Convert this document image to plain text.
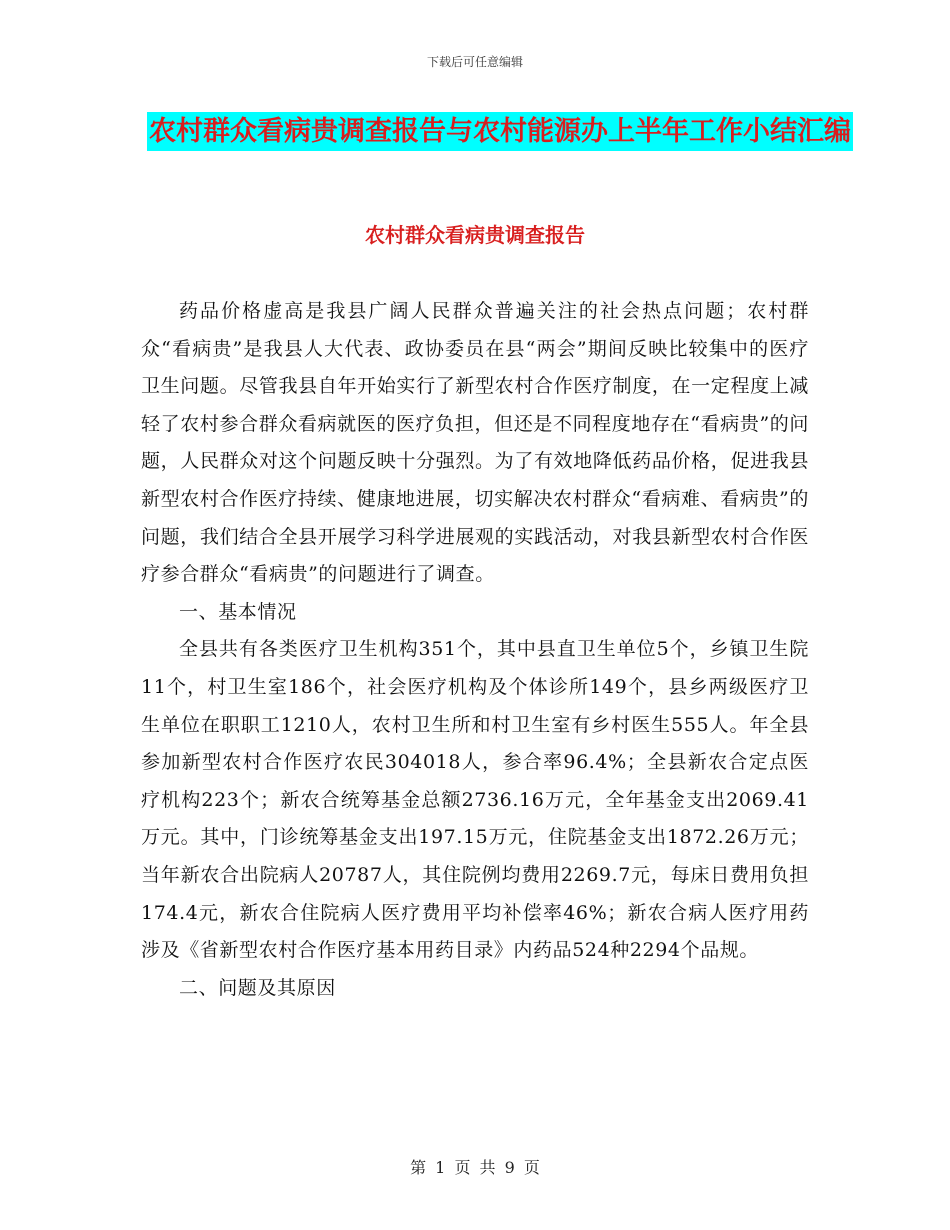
下载后可任意编辑
农村群众看病贵调查报告与农村能源办上半年工作小结汇编
农村群众看病贵调查报告

药品价格虚高是我县广阔人民群众普遍关注的社会热点问题；农村群众“看病贵”是我县人大代表、政协委员在县“两会”期间反映比较集中的医疗卫生问题。尽管我县自年开始实行了新型农村合作医疗制度，在一定程度上减轻了农村参合群众看病就医的医疗负担，但还是不同程度地存在“看病贵”的问题，人民群众对这个问题反映十分强烈。为了有效地降低药品价格，促进我县新型农村合作医疗持续、健康地进展，切实解决农村群众“看病难、看病贵”的问题，我们结合全县开展学习科学进展观的实践活动，对我县新型农村合作医疗参合群众“看病贵”的问题进行了调查。

一、基本情况

全县共有各类医疗卫生机构351个，其中县直卫生单位5个，乡镇卫生院11个，村卫生室186个，社会医疗机构及个体诊所149个，县乡两级医疗卫生单位在职职工1210人，农村卫生所和村卫生室有乡村医生555人。年全县参加新型农村合作医疗农民304018人，参合率96.4%；全县新农合定点医疗机构223个；新农合统筹基金总额2736.16万元，全年基金支出2069.41万元。其中，门诊统筹基金支出197.15万元，住院基金支出1872.26万元；当年新农合出院病人20787人，其住院例均费用2269.7元，每床日费用负担174.4元，新农合住院病人医疗费用平均补偿率46%；新农合病人医疗用药涉及《省新型农村合作医疗基本用药目录》内药品524种2294个品规。

二、问题及其原因

第 1 页 共 9 页
